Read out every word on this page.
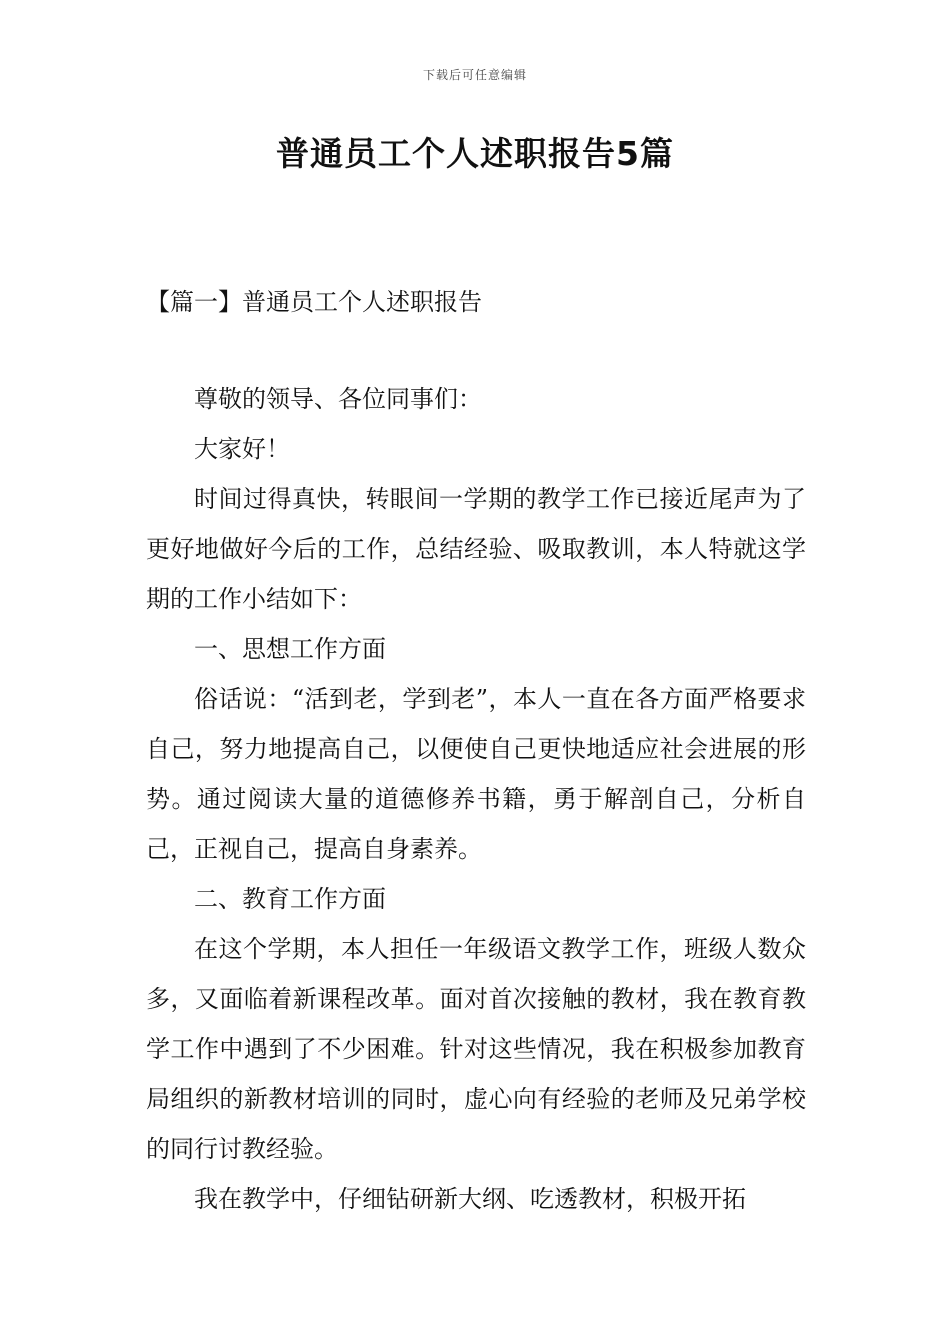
下载后可任意编辑
普通员工个人述职报告5篇
【篇一】普通员工个人述职报告

尊敬的领导、各位同事们：

大家好！

时间过得真快，转眼间一学期的教学工作已接近尾声为了更好地做好今后的工作，总结经验、吸取教训，本人特就这学期的工作小结如下：

一、思想工作方面

俗话说：“活到老，学到老”，本人一直在各方面严格要求自己，努力地提高自己，以便使自己更快地适应社会进展的形势。通过阅读大量的道德修养书籍，勇于解剖自己，分析自己，正视自己，提高自身素养。

二、教育工作方面

在这个学期，本人担任一年级语文教学工作，班级人数众多，又面临着新课程改革。面对首次接触的教材，我在教育教学工作中遇到了不少困难。针对这些情况，我在积极参加教育局组织的新教材培训的同时，虚心向有经验的老师及兄弟学校的同行讨教经验。

我在教学中，仔细钻研新大纲、吃透教材，积极开拓
